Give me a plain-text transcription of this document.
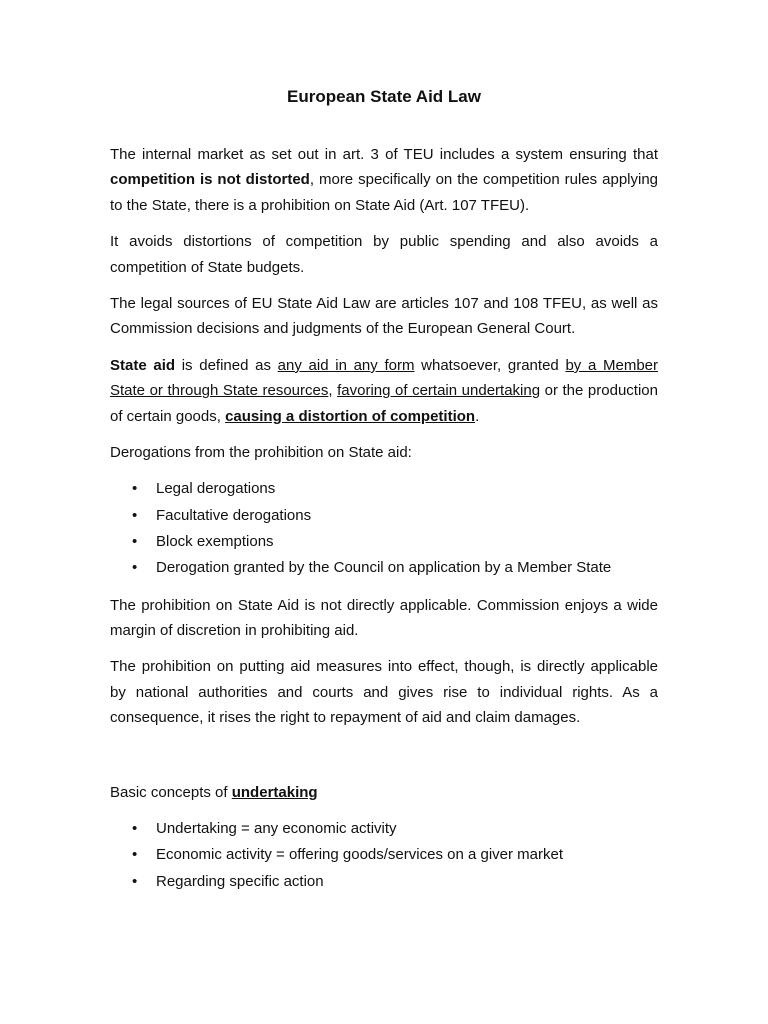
European State Aid Law

The internal market as set out in art. 3 of TEU includes a system ensuring that competition is not distorted, more specifically on the competition rules applying to the State, there is a prohibition on State Aid (Art. 107 TFEU).

It avoids distortions of competition by public spending and also avoids a competition of State budgets.

The legal sources of EU State Aid Law are articles 107 and 108 TFEU, as well as Commission decisions and judgments of the European General Court.

State aid is defined as any aid in any form whatsoever, granted by a Member State or through State resources, favoring of certain undertaking or the production of certain goods, causing a distortion of competition.

Derogations from the prohibition on State aid:

• Legal derogations
• Facultative derogations
• Block exemptions
• Derogation granted by the Council on application by a Member State

The prohibition on State Aid is not directly applicable. Commission enjoys a wide margin of discretion in prohibiting aid.

The prohibition on putting aid measures into effect, though, is directly applicable by national authorities and courts and gives rise to individual rights. As a consequence, it rises the right to repayment of aid and claim damages.

Basic concepts of undertaking

• Undertaking = any economic activity
• Economic activity = offering goods/services on a giver market
• Regarding specific action
